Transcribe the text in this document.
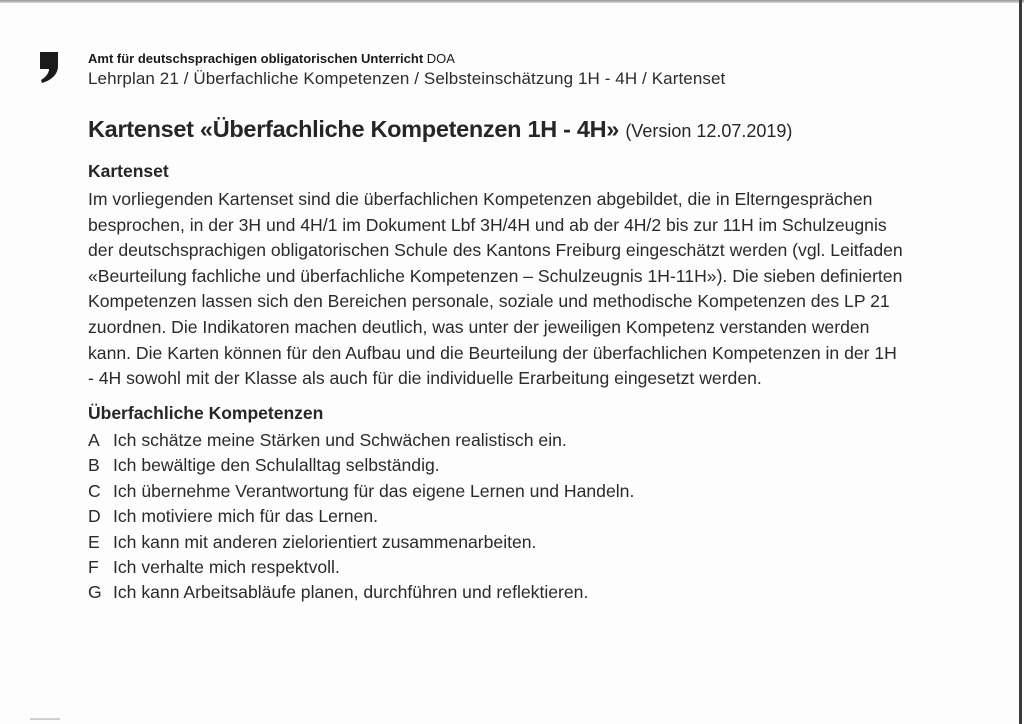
Amt für deutschsprachigen obligatorischen Unterricht DOA
Lehrplan 21 / Überfachliche Kompetenzen / Selbsteinschätzung 1H - 4H / Kartenset
Kartenset «Überfachliche Kompetenzen 1H - 4H» (Version 12.07.2019)
Kartenset
Im vorliegenden Kartenset sind die überfachlichen Kompetenzen abgebildet, die in Elterngesprächen
besprochen, in der 3H und 4H/1 im Dokument Lbf 3H/4H und ab der 4H/2 bis zur 11H im Schulzeugnis
der deutschsprachigen obligatorischen Schule des Kantons Freiburg eingeschätzt werden (vgl. Leitfaden
«Beurteilung fachliche und überfachliche Kompetenzen – Schulzeugnis 1H-11H»). Die sieben definierten
Kompetenzen lassen sich den Bereichen personale, soziale und methodische Kompetenzen des LP 21
zuordnen. Die Indikatoren machen deutlich, was unter der jeweiligen Kompetenz verstanden werden
kann. Die Karten können für den Aufbau und die Beurteilung der überfachlichen Kompetenzen in der 1H
- 4H sowohl mit der Klasse als auch für die individuelle Erarbeitung eingesetzt werden.
Überfachliche Kompetenzen
A Ich schätze meine Stärken und Schwächen realistisch ein.
B Ich bewältige den Schulalltag selbständig.
C Ich übernehme Verantwortung für das eigene Lernen und Handeln.
D Ich motiviere mich für das Lernen.
E Ich kann mit anderen zielorientiert zusammenarbeiten.
F Ich verhalte mich respektvoll.
G Ich kann Arbeitsabläufe planen, durchführen und reflektieren.
